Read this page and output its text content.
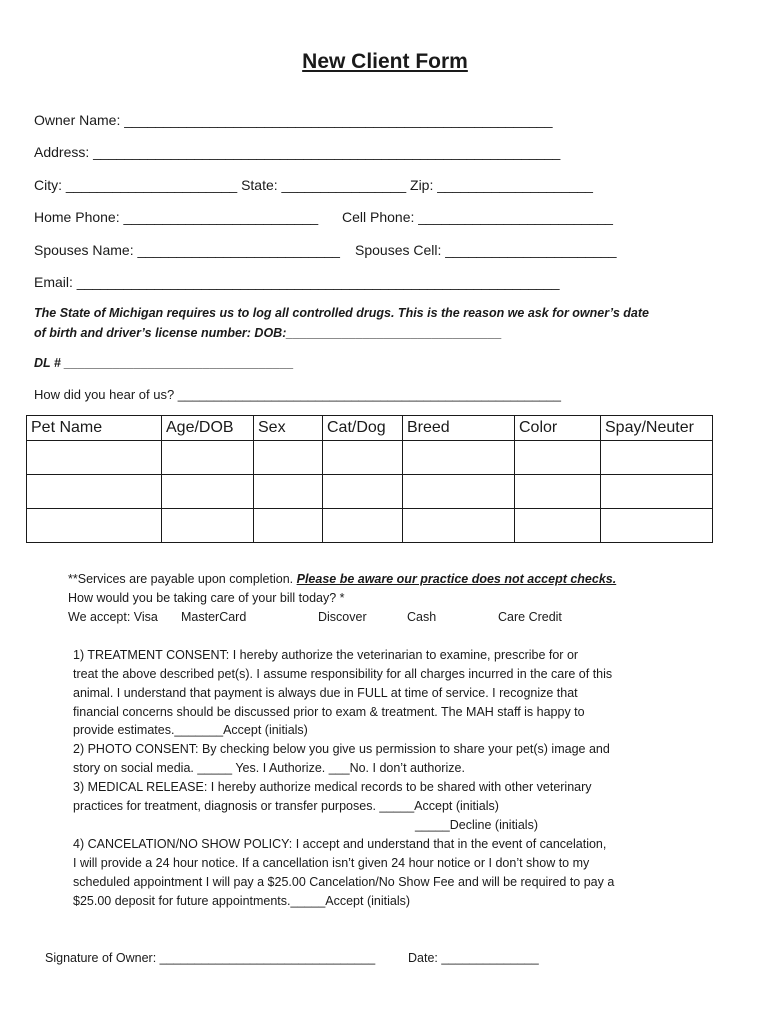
New Client Form
Owner Name: _______________________________________________________
Address: ____________________________________________________________
City: ______________________ State: ________________ Zip: ____________________
Home Phone: _________________________ Cell Phone: _________________________
Spouses Name: __________________________ Spouses Cell: ______________________
Email: ______________________________________________________________
The State of Michigan requires us to log all controlled drugs. This is the reason we ask for owner’s date
of birth and driver’s license number: DOB:_______________________________
DL # _________________________________
How did you hear of us? _____________________________________________________
Pet Name	Age/DOB	Sex	Cat/Dog	Breed	Color	Spay/Neuter

**Services are payable upon completion. Please be aware our practice does not accept checks.
How would you be taking care of your bill today? *
We accept: Visa MasterCard	Discover	Cash	Care Credit
1) TREATMENT CONSENT: I hereby authorize the veterinarian to examine, prescribe for or
treat the above described pet(s). I assume responsibility for all charges incurred in the care of this
animal. I understand that payment is always due in FULL at time of service. I recognize that
financial concerns should be discussed prior to exam & treatment. The MAH staff is happy to
provide estimates._______Accept (initials)
2) PHOTO CONSENT: By checking below you give us permission to share your pet(s) image and
story on social media. _____ Yes. I Authorize. ___No. I don’t authorize.
3) MEDICAL RELEASE: I hereby authorize medical records to be shared with other veterinary
practices for treatment, diagnosis or transfer purposes. _____Accept (initials)
_____Decline (initials)
4) CANCELATION/NO SHOW POLICY: I accept and understand that in the event of cancelation,
I will provide a 24 hour notice. If a cancellation isn’t given 24 hour notice or I don’t show to my
scheduled appointment I will pay a $25.00 Cancelation/No Show Fee and will be required to pay a
$25.00 deposit for future appointments._____Accept (initials)
Signature of Owner: _______________________________	Date: ______________
